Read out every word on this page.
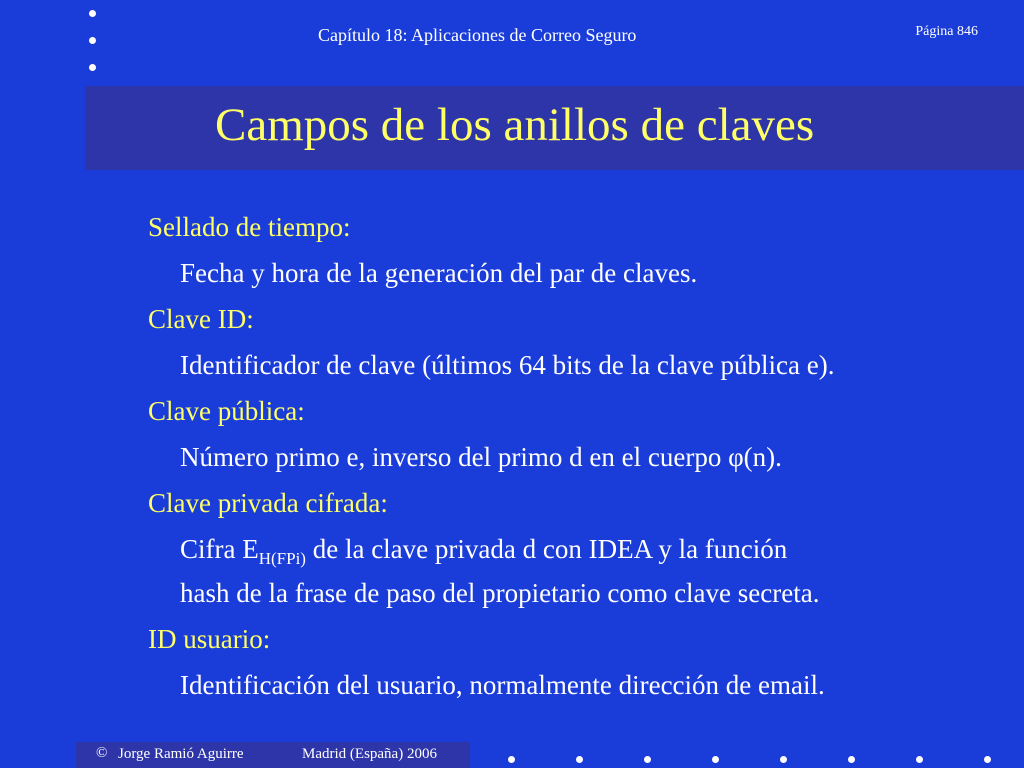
Capítulo 18: Aplicaciones de Correo Seguro	Página 846
Campos de los anillos de claves

Sellado de tiempo:

Fecha y hora de la generación del par de claves.

Clave ID:

Identificador de clave (últimos 64 bits de la clave pública e).

Clave pública:

Número primo e, inverso del primo d en el cuerpo φ(n).

Clave privada cifrada:

Cifra $E_{H(FPi)}$ de la clave privada d con IDEA y la función

hash de la frase de paso del propietario como clave secreta.

ID usuario:

Identificación del usuario, normalmente dirección de email.

© Jorge Ramió Aguirre	Madrid (España) 2006
